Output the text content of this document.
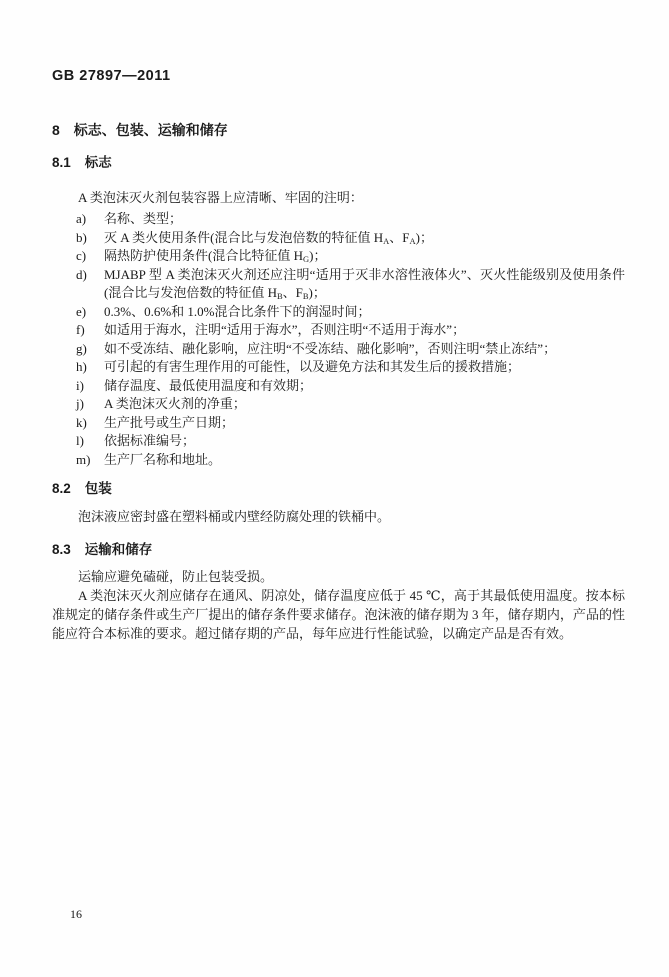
GB 27897—2011
8 标志、包装、运输和储存
8.1 标志

A 类泡沫灭火剂包装容器上应清晰、牢固的注明：

a)	名称、类型；
b)	灭 A 类火使用条件(混合比与发泡倍数的特征值 $H_A$、$F_A$)；
c)	隔热防护使用条件(混合比特征值 $H_G$)；
d)	MJABP 型 A 类泡沫灭火剂还应注明“适用于灭非水溶性液体火”、灭火性能级别及使用条件(混合比与发泡倍数的特征值 $H_B$、$F_B$)；
e)	0.3%、0.6%和 1.0%混合比条件下的润湿时间；
f)	如适用于海水，注明“适用于海水”，否则注明“不适用于海水”；
g)	如不受冻结、融化影响，应注明“不受冻结、融化影响”，否则注明“禁止冻结”；
h)	可引起的有害生理作用的可能性，以及避免方法和其发生后的援救措施；
i)	储存温度、最低使用温度和有效期；
j)	A 类泡沫灭火剂的净重；
k)	生产批号或生产日期；
l)	依据标准编号；
m)	生产厂名称和地址。
8.2 包装

泡沫液应密封盛在塑料桶或内壁经防腐处理的铁桶中。

8.3 运输和储存

运输应避免磕碰，防止包装受损。

A 类泡沫灭火剂应储存在通风、阴凉处，储存温度应低于 45 ℃，高于其最低使用温度。按本标准规定的储存条件或生产厂提出的储存条件要求储存。泡沫液的储存期为 3 年，储存期内，产品的性能应符合本标准的要求。超过储存期的产品，每年应进行性能试验，以确定产品是否有效。

16
